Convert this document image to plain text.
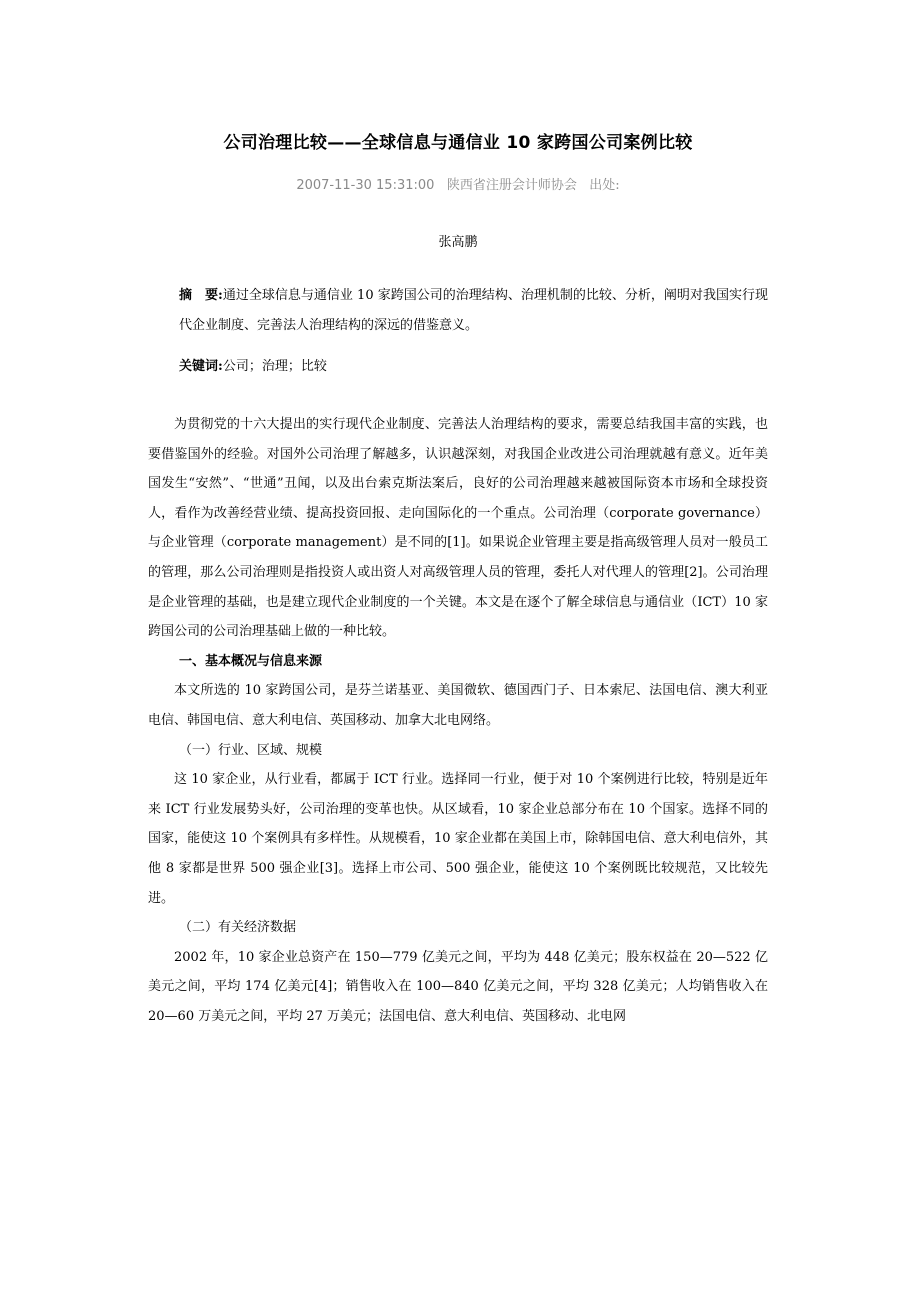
公司治理比较——全球信息与通信业 10 家跨国公司案例比较
2007-11-30 15:31:00 陕西省注册会计师协会 出处:
张高鹏

摘　要:通过全球信息与通信业 10 家跨国公司的治理结构、治理机制的比较、分析，阐明对我国实行现代企业制度、完善法人治理结构的深远的借鉴意义。

关键词:公司；治理；比较

为贯彻党的十六大提出的实行现代企业制度、完善法人治理结构的要求，需要总结我国丰富的实践，也要借鉴国外的经验。对国外公司治理了解越多，认识越深刻，对我国企业改进公司治理就越有意义。近年美国发生“安然”、“世通”丑闻，以及出台索克斯法案后，良好的公司治理越来越被国际资本市场和全球投资人，看作为改善经营业绩、提高投资回报、走向国际化的一个重点。公司治理（corporate governance）与企业管理（corporate management）是不同的[1]。如果说企业管理主要是指高级管理人员对一般员工的管理，那么公司治理则是指投资人或出资人对高级管理人员的管理，委托人对代理人的管理[2]。公司治理是企业管理的基础，也是建立现代企业制度的一个关键。本文是在逐个了解全球信息与通信业（ICT）10 家跨国公司的公司治理基础上做的一种比较。

一、基本概况与信息来源

本文所选的 10 家跨国公司，是芬兰诺基亚、美国微软、德国西门子、日本索尼、法国电信、澳大利亚电信、韩国电信、意大利电信、英国移动、加拿大北电网络。

（一）行业、区域、规模

这 10 家企业，从行业看，都属于 ICT 行业。选择同一行业，便于对 10 个案例进行比较，特别是近年来 ICT 行业发展势头好，公司治理的变革也快。从区域看，10 家企业总部分布在 10 个国家。选择不同的国家，能使这 10 个案例具有多样性。从规模看，10 家企业都在美国上市，除韩国电信、意大利电信外，其他 8 家都是世界 500 强企业[3]。选择上市公司、500 强企业，能使这 10 个案例既比较规范，又比较先进。

（二）有关经济数据

2002 年，10 家企业总资产在 150—779 亿美元之间，平均为 448 亿美元；股东权益在 20—522 亿美元之间，平均 174 亿美元[4]；销售收入在 100—840 亿美元之间，平均 328 亿美元；人均销售收入在 20—60 万美元之间，平均 27 万美元；法国电信、意大利电信、英国移动、北电网
